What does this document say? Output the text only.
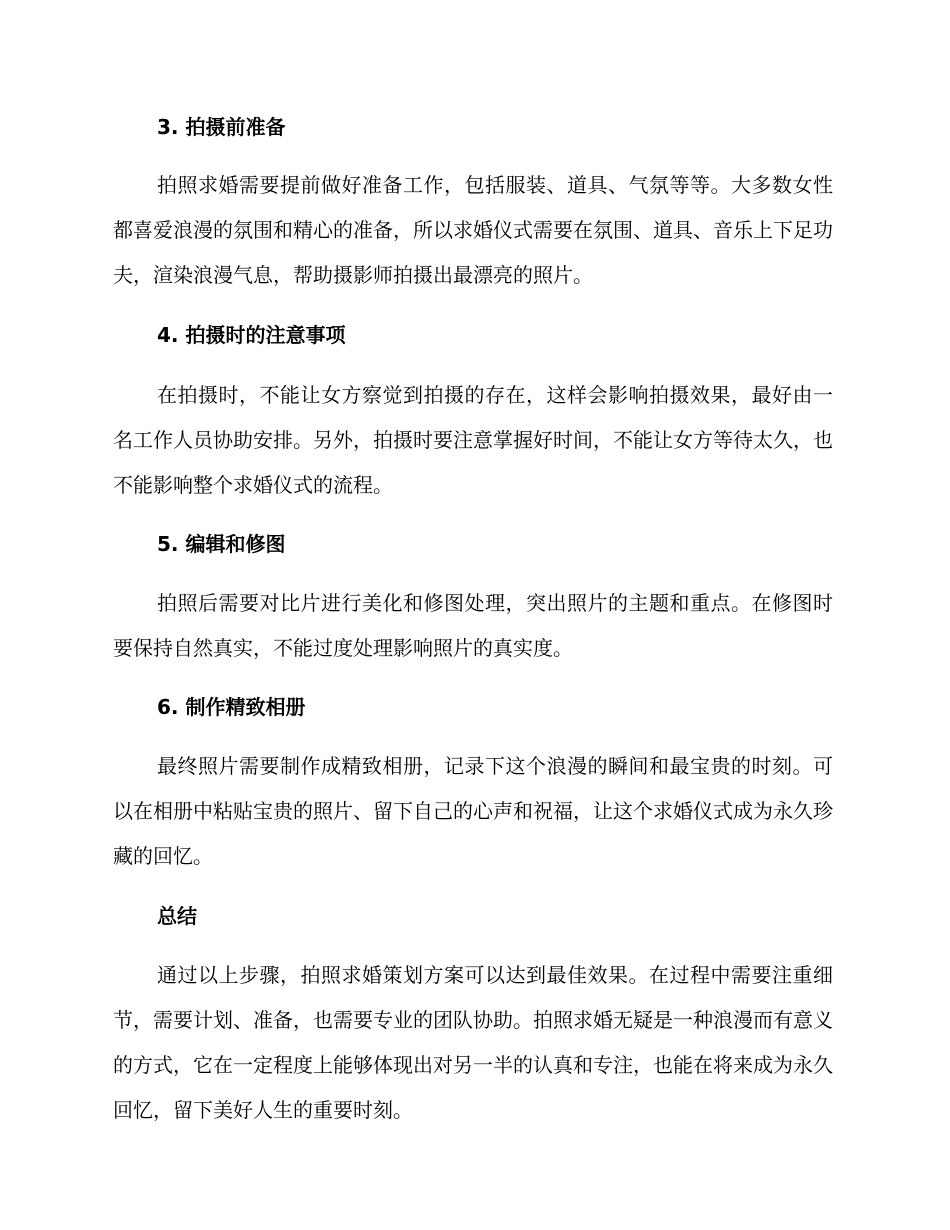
3. 拍摄前准备

拍照求婚需要提前做好准备工作，包括服装、道具、气氛等等。大多数女性都喜爱浪漫的氛围和精心的准备，所以求婚仪式需要在氛围、道具、音乐上下足功夫，渲染浪漫气息，帮助摄影师拍摄出最漂亮的照片。

4. 拍摄时的注意事项

在拍摄时，不能让女方察觉到拍摄的存在，这样会影响拍摄效果，最好由一名工作人员协助安排。另外，拍摄时要注意掌握好时间，不能让女方等待太久，也不能影响整个求婚仪式的流程。

5. 编辑和修图

拍照后需要对比片进行美化和修图处理，突出照片的主题和重点。在修图时要保持自然真实，不能过度处理影响照片的真实度。

6. 制作精致相册

最终照片需要制作成精致相册，记录下这个浪漫的瞬间和最宝贵的时刻。可以在相册中粘贴宝贵的照片、留下自己的心声和祝福，让这个求婚仪式成为永久珍藏的回忆。

总结

通过以上步骤，拍照求婚策划方案可以达到最佳效果。在过程中需要注重细节，需要计划、准备，也需要专业的团队协助。拍照求婚无疑是一种浪漫而有意义的方式，它在一定程度上能够体现出对另一半的认真和专注，也能在将来成为永久回忆，留下美好人生的重要时刻。
